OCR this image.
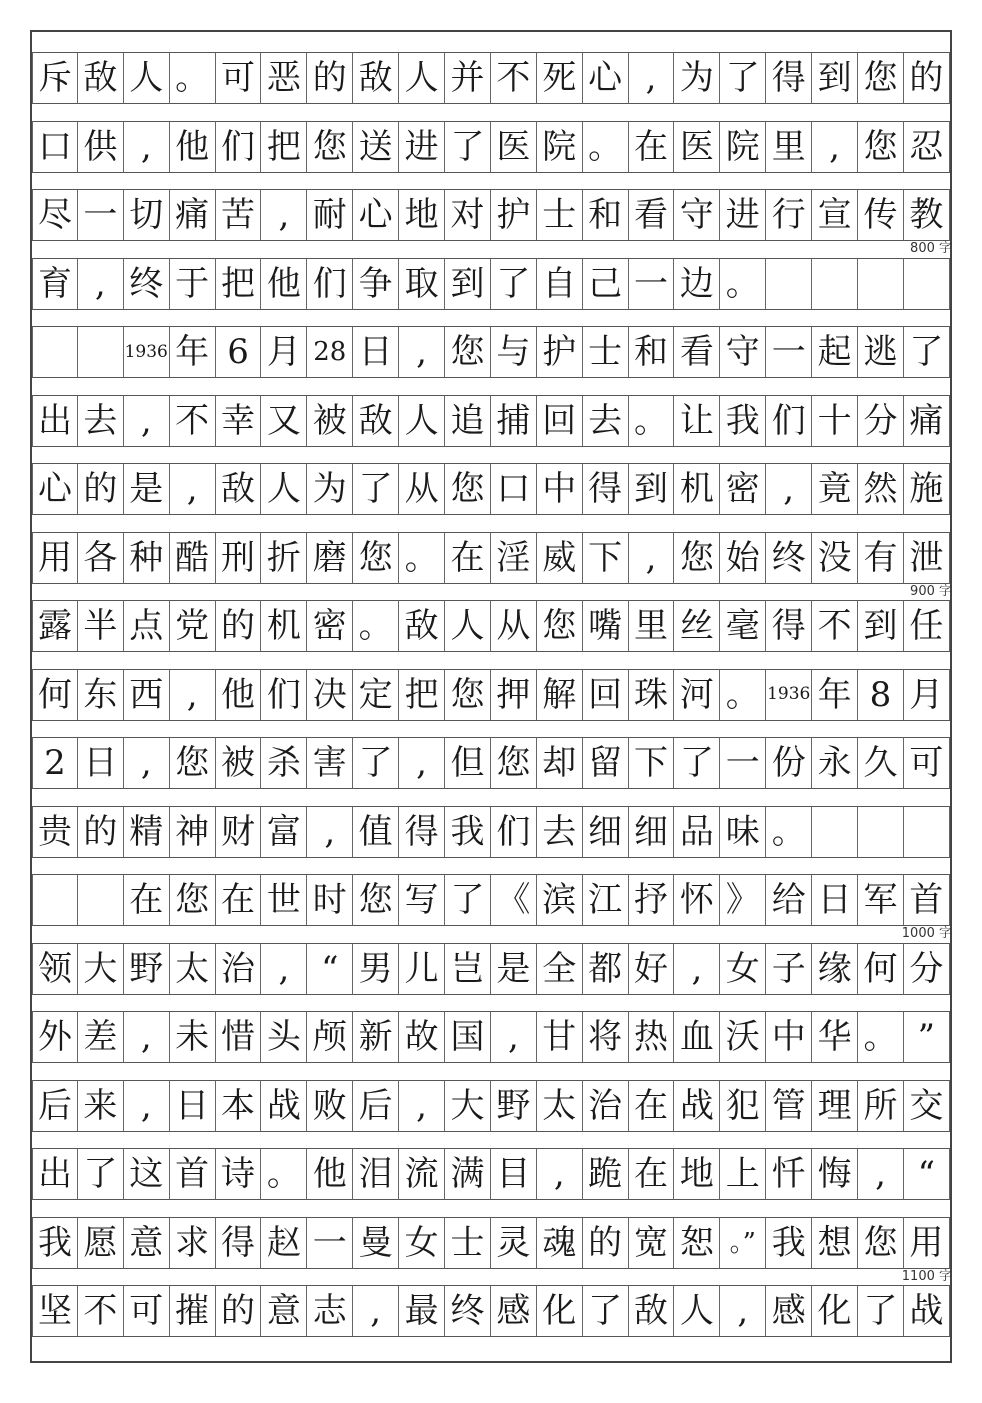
斥 敌 人 。 可 恶 的 敌 人 并 不 死 心 , 为 了 得 到 您 的
口 供 , 他 们 把 您 送 进 了 医 院 。 在 医 院 里 , 您 忍
尽 一 切 痛 苦 , 耐 心 地 对 护 士 和 看 守 进 行 宣 传 教
育 , 终 于 把 他 们 争 取 到 了 自 己 一 边 。
1936 年 6 月 28 日 , 您 与 护 士 和 看 守 一 起 逃 了
出 去 , 不 幸 又 被 敌 人 追 捕 回 去 。 让 我 们 十 分 痛
心 的 是 , 敌 人 为 了 从 您 口 中 得 到 机 密 , 竟 然 施
用 各 种 酷 刑 折 磨 您 。 在 淫 威 下 , 您 始 终 没 有 泄
露 半 点 党 的 机 密 。 敌 人 从 您 嘴 里 丝 毫 得 不 到 任
何 东 西 , 他 们 决 定 把 您 押 解 回 珠 河 。 1936 年 8 月
2 日 , 您 被 杀 害 了 , 但 您 却 留 下 了 一 份 永 久 可
贵 的 精 神 财 富 , 值 得 我 们 去 细 细 品 味 。
在 您 在 世 时 您 写 了 《 滨 江 抒 怀 》 给 日 军 首
领 大 野 太 治 , “ 男 儿 岂 是 全 都 好 , 女 子 缘 何 分
外 差 , 未 惜 头 颅 新 故 国 , 甘 将 热 血 沃 中 华 。 ”
后 来 , 日 本 战 败 后 , 大 野 太 治 在 战 犯 管 理 所 交
出 了 这 首 诗 。 他 泪 流 满 目 , 跪 在 地 上 忏 悔 , “
我 愿 意 求 得 赵 一 曼 女 士 灵 魂 的 宽 恕 。” 我 想 您 用
坚 不 可 摧 的 意 志 , 最 终 感 化 了 敌 人 , 感 化 了 战
800 字
900 字
1000 字
1100 字
